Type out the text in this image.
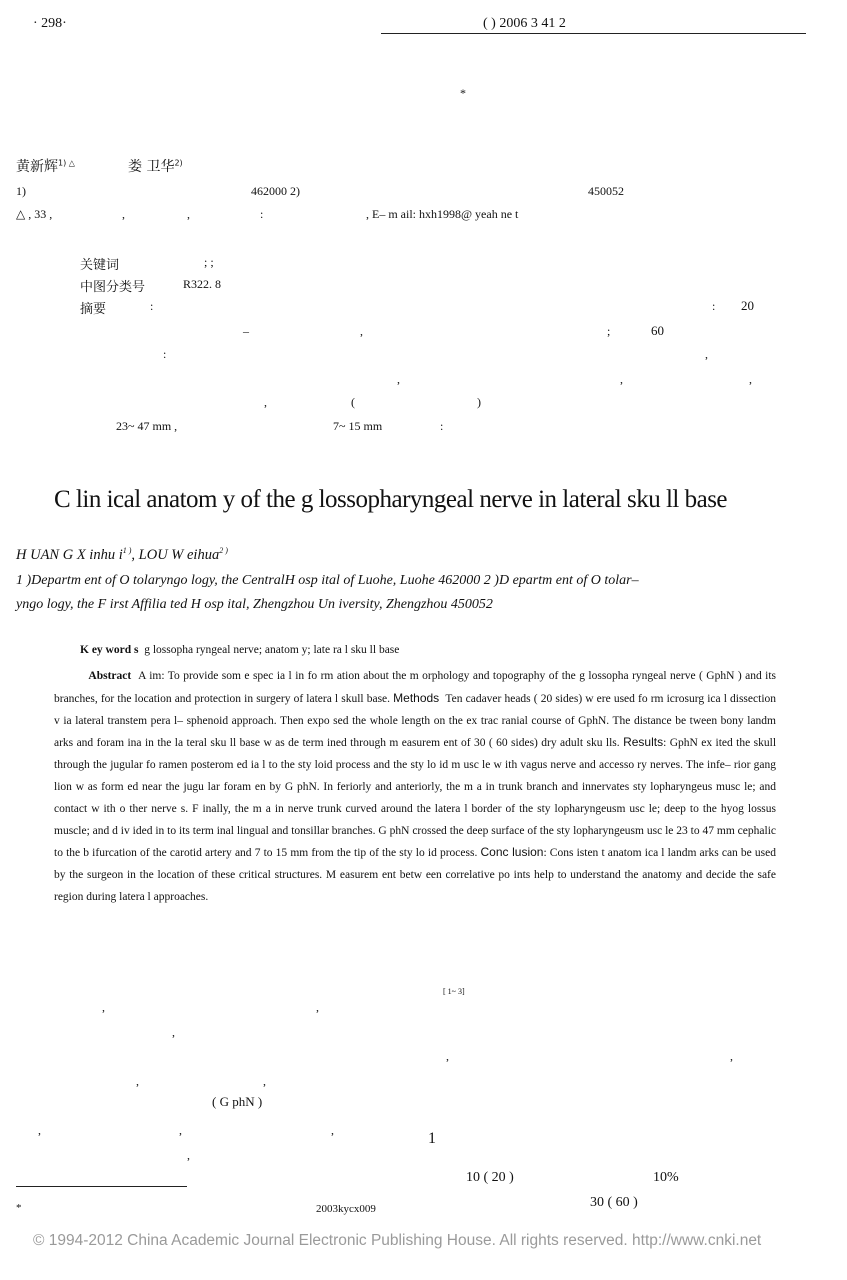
· 298·	( ) 2006 3 41 2
*
黄新辉$^{1) \triangle}$	娄 卫华$^{2)}$
1)	462000 2)	450052
△ , 33 ,	,	,	:	, E– m ail: hxh1998@ yeah ne t
关键词	; ;
中图分类号	R322. 8
摘要	:	: 20
–	,	;	60
:	,
,	,	,
,	(	)
23~ 47 mm ,	7~ 15 mm	:
C lin ical anatom y of the g lossopharyngeal nerve in lateral sku ll base
H UAN G X inhu $i^{1 )}$, LOU W eihua$^{2 )}$
1 )Departm ent of O tolaryngo logy, the CentralH osp ital of Luohe, Luohe 462000 2 )D epartm ent of O tolar–
yngo logy, the F irst Affilia ted H osp ital, Zhengzhou Un iversity, Zhengzhou 450052
K ey word s g lossopha ryngeal nerve; anatom y; late ra l sku ll base
Abstract A im: To provide som e spec ia l in fo rm ation about the m orphology and topography of the g lossopha ryngeal nerve ( GphN ) and its branches, for the location and protection in surgery of latera l skull base. Methods Ten cadaver heads ( 20 sides) w ere used fo rm icrosurg ica l dissection v ia lateral transtem pera l– sphenoid approach. Then expo sed the whole length on the ex trac ranial course of GphN. The distance be tween bony landm arks and foram ina in the la teral sku ll base w as de term ined through m easurem ent of 30 ( 60 sides) dry adult sku lls. Results: GphN ex ited the skull through the jugular fo ramen posterom ed ia l to the sty loid process and the sty lo id m usc le w ith vagus nerve and accesso ry nerves. The infe– rior gang lion w as form ed near the jugu lar foram en by G phN. In feriorly and anteriorly, the m a in trunk branch and innervates sty lopharyngeus musc le; and contact w ith o ther nerve s. F inally, the m a in nerve trunk curved around the latera l border of the sty lopharyngeusm usc le; deep to the hyog lossus muscle; and d iv ided in to its term inal lingual and tonsillar branches. G phN crossed the deep surface of the sty lopharyngeusm usc le 23 to 47 mm cephalic to the b ifurcation of the carotid artery and 7 to 15 mm from the tip of the sty lo id process. Conc lusion: Cons isten t anatom ica l landm arks can be used by the surgeon in the location of these critical structures. M easurem ent betw een correlative po ints help to understand the anatomy and decide the safe region during latera l approaches.
,	,
[ 1~ 3]
,
,	,
,	,
( G phN )
,	,	,	1
,
10 ( 20 )	10%
30 ( 60 )
*	2003kycx009
© 1994-2012 China Academic Journal Electronic Publishing House. All rights reserved. http://www.cnki.net
